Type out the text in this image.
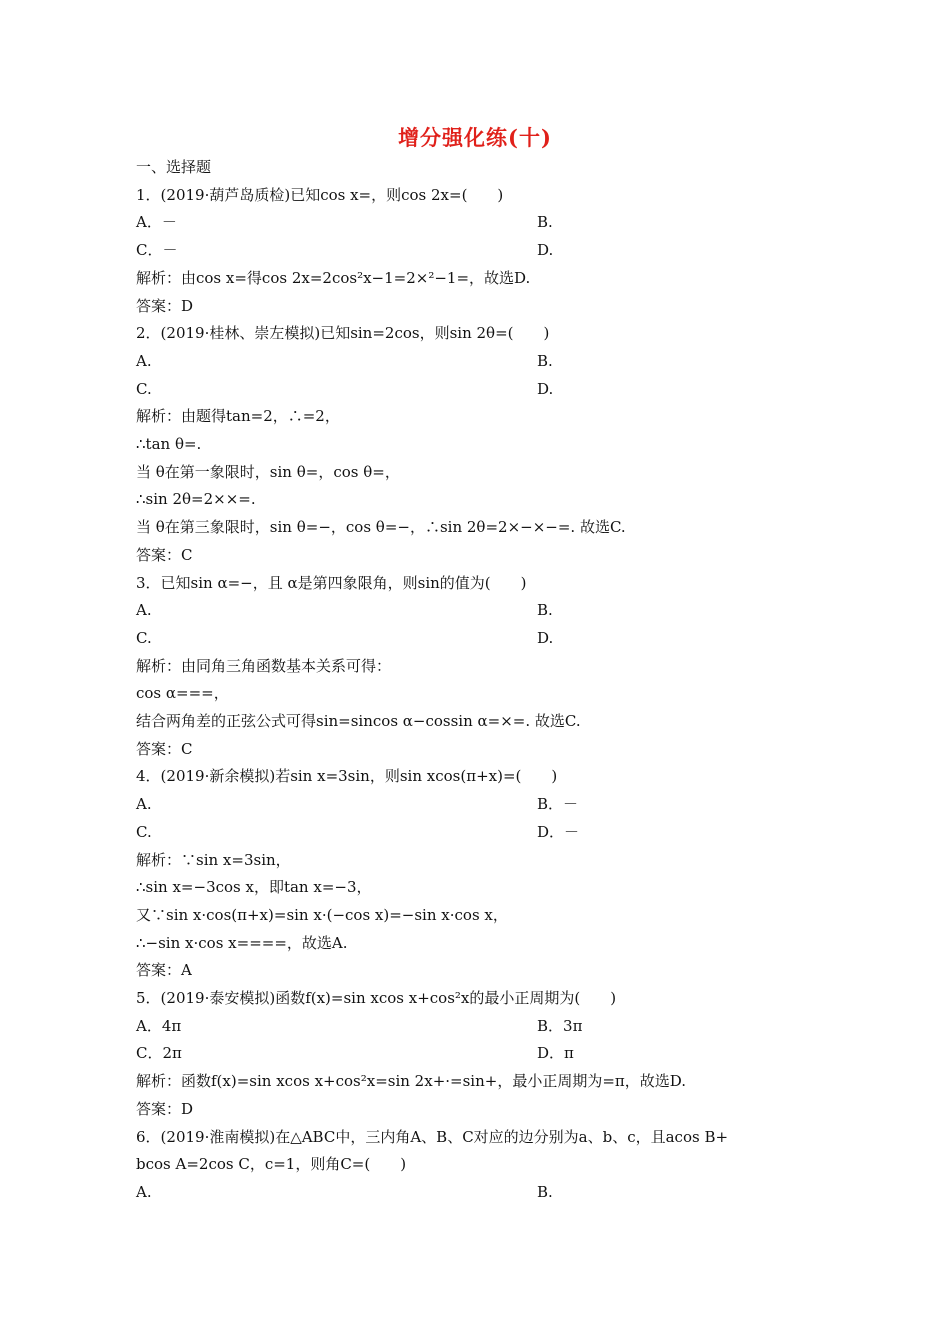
增分强化练(十)
一、选择题
1．(2019·葫芦岛质检)已知cos x=，则cos 2x=(　　)
A．－	B.
C．－	D.
解析：由cos x=得cos 2x=2cos²x−1=2×²−1=，故选D.
答案：D
2．(2019·桂林、崇左模拟)已知sin=2cos，则sin 2θ=(　　)
A.	B.
C.	D.
解析：由题得tan=2，∴=2，
∴tan θ=.
当 θ在第一象限时，sin θ=，cos θ=，
∴sin 2θ=2××=.
当 θ在第三象限时，sin θ=−，cos θ=−，∴sin 2θ=2×−×−=. 故选C.
答案：C
3．已知sin α=−，且 α是第四象限角，则sin的值为(　　)
A.	B.
C.	D.
解析：由同角三角函数基本关系可得：
cos α===，
结合两角差的正弦公式可得sin=sincos α−cossin α=×=. 故选C.
答案：C
4．(2019·新余模拟)若sin x=3sin，则sin xcos(π+x)=(　　)
A.	B．－
C.	D．－
解析：∵sin x=3sin，
∴sin x=−3cos x，即tan x=−3，
又∵sin x·cos(π+x)=sin x·(−cos x)=−sin x·cos x，
∴−sin x·cos x====，故选A.
答案：A
5．(2019·泰安模拟)函数f(x)=sin xcos x+cos²x的最小正周期为(　　)
A．4π	B．3π
C．2π	D．π
解析：函数f(x)=sin xcos x+cos²x=sin 2x+·=sin+，最小正周期为=π，故选D.
答案：D
6．(2019·淮南模拟)在△ABC中，三内角A、B、C对应的边分别为a、b、c，且acos B+
bcos A=2cos C，c=1，则角C=(　　)
A.	B.
